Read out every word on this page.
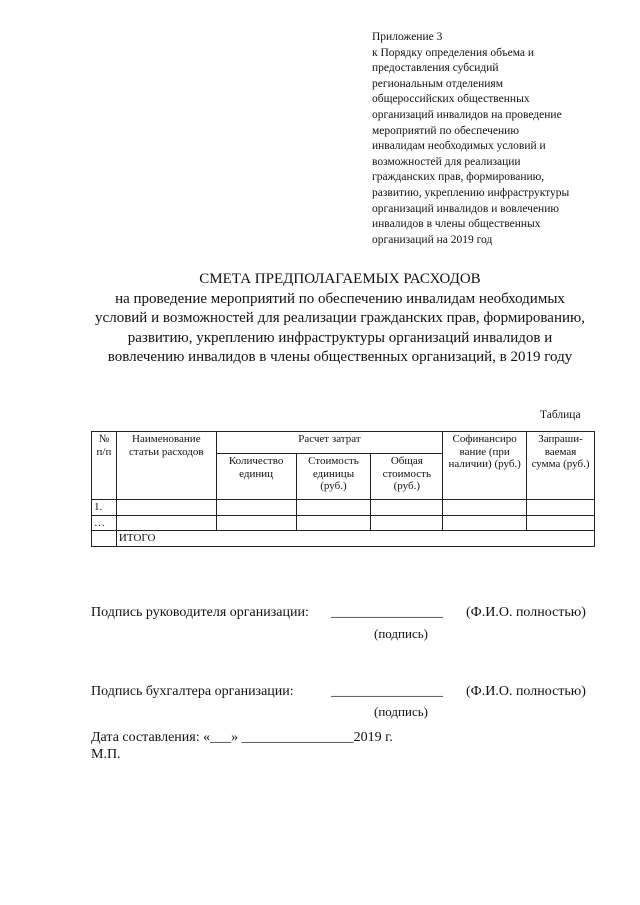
Приложение 3
к Порядку определения объема и
предоставления субсидий
региональным отделениям
общероссийских общественных
организаций инвалидов на проведение
мероприятий по обеспечению
инвалидам необходимых условий и
возможностей для реализации
гражданских прав, формированию,
развитию, укреплению инфраструктуры
организаций инвалидов и вовлечению
инвалидов в члены общественных
организаций на 2019 год
СМЕТА ПРЕДПОЛАГАЕМЫХ РАСХОДОВ
на проведение мероприятий по обеспечению инвалидам необходимых
условий и возможностей для реализации гражданских прав, формированию,
развитию, укреплению инфраструктуры организаций инвалидов и
вовлечению инвалидов в члены общественных организаций, в 2019 году
Таблица
№ п/п	Наименование статьи расходов	Расчет затрат			Софинансиро вание (при наличии) (руб.)	Запраши- ваемая сумма (руб.)
		Количество единиц	Стоимость единицы (руб.)	Общая стоимость (руб.)		
1.						
…						
	ИТОГО					
Подпись руководителя организации: ________________ (Ф.И.О. полностью)
(подпись)
Подпись бухгалтера организации:	________________ (Ф.И.О. полностью)
(подпись)
Дата составления: «___» ________________2019 г.
М.П.
